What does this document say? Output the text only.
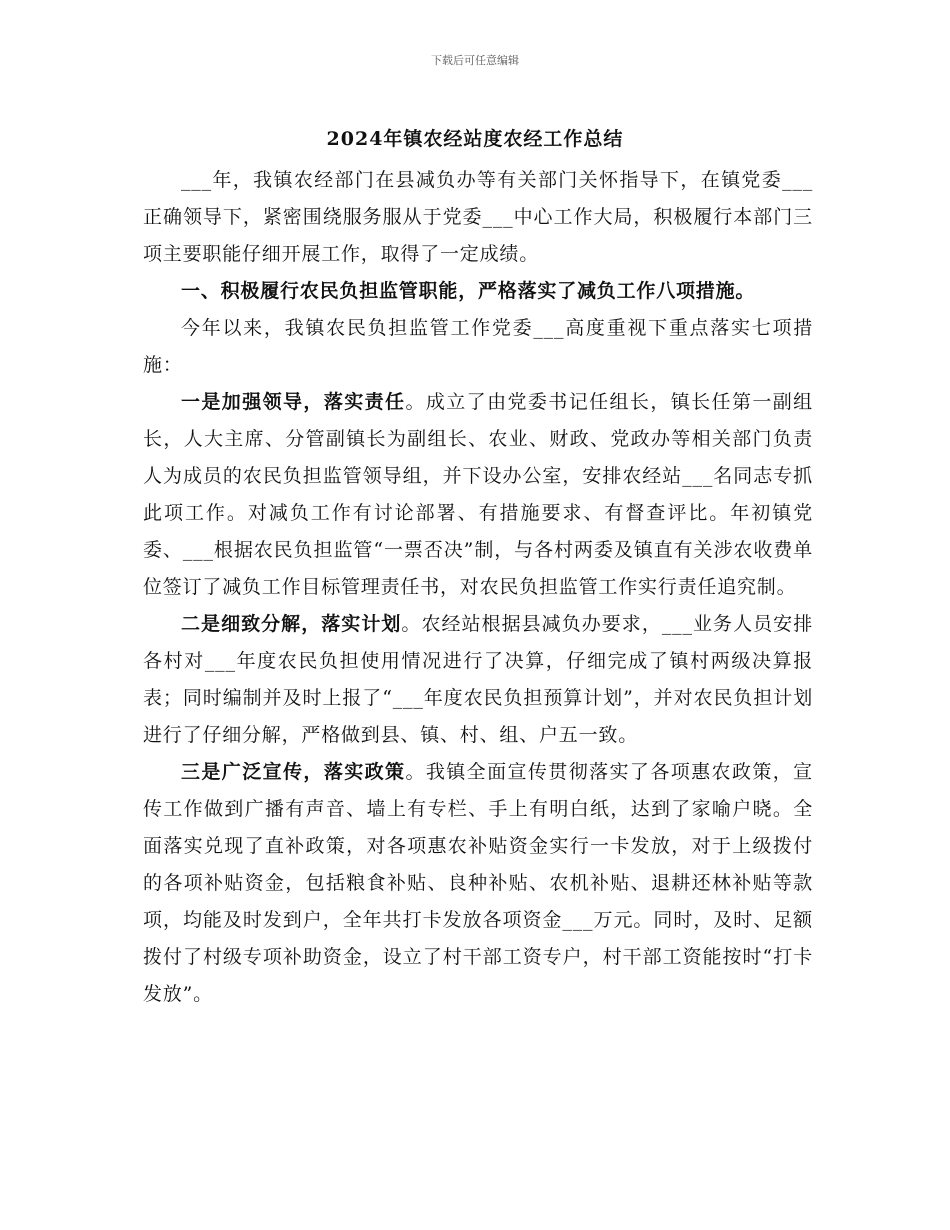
下载后可任意编辑
2024年镇农经站度农经工作总结

___年，我镇农经部门在县减负办等有关部门关怀指导下，在镇党委___正确领导下，紧密围绕服务服从于党委___中心工作大局，积极履行本部门三项主要职能仔细开展工作，取得了一定成绩。

一、积极履行农民负担监管职能，严格落实了减负工作八项措施。

今年以来，我镇农民负担监管工作党委___高度重视下重点落实七项措施：

一是加强领导，落实责任。成立了由党委书记任组长，镇长任第一副组长，人大主席、分管副镇长为副组长、农业、财政、党政办等相关部门负责人为成员的农民负担监管领导组，并下设办公室，安排农经站___名同志专抓此项工作。对减负工作有讨论部署、有措施要求、有督查评比。年初镇党委、___根据农民负担监管“一票否决”制，与各村两委及镇直有关涉农收费单位签订了减负工作目标管理责任书，对农民负担监管工作实行责任追究制。

二是细致分解，落实计划。农经站根据县减负办要求，___业务人员安排各村对___年度农民负担使用情况进行了决算，仔细完成了镇村两级决算报表；同时编制并及时上报了“___年度农民负担预算计划”，并对农民负担计划进行了仔细分解，严格做到县、镇、村、组、户五一致。

三是广泛宣传，落实政策。我镇全面宣传贯彻落实了各项惠农政策，宣传工作做到广播有声音、墙上有专栏、手上有明白纸，达到了家喻户晓。全面落实兑现了直补政策，对各项惠农补贴资金实行一卡发放，对于上级拨付的各项补贴资金，包括粮食补贴、良种补贴、农机补贴、退耕还林补贴等款项，均能及时发到户，全年共打卡发放各项资金___万元。同时，及时、足额拨付了村级专项补助资金，设立了村干部工资专户，村干部工资能按时“打卡发放”。
